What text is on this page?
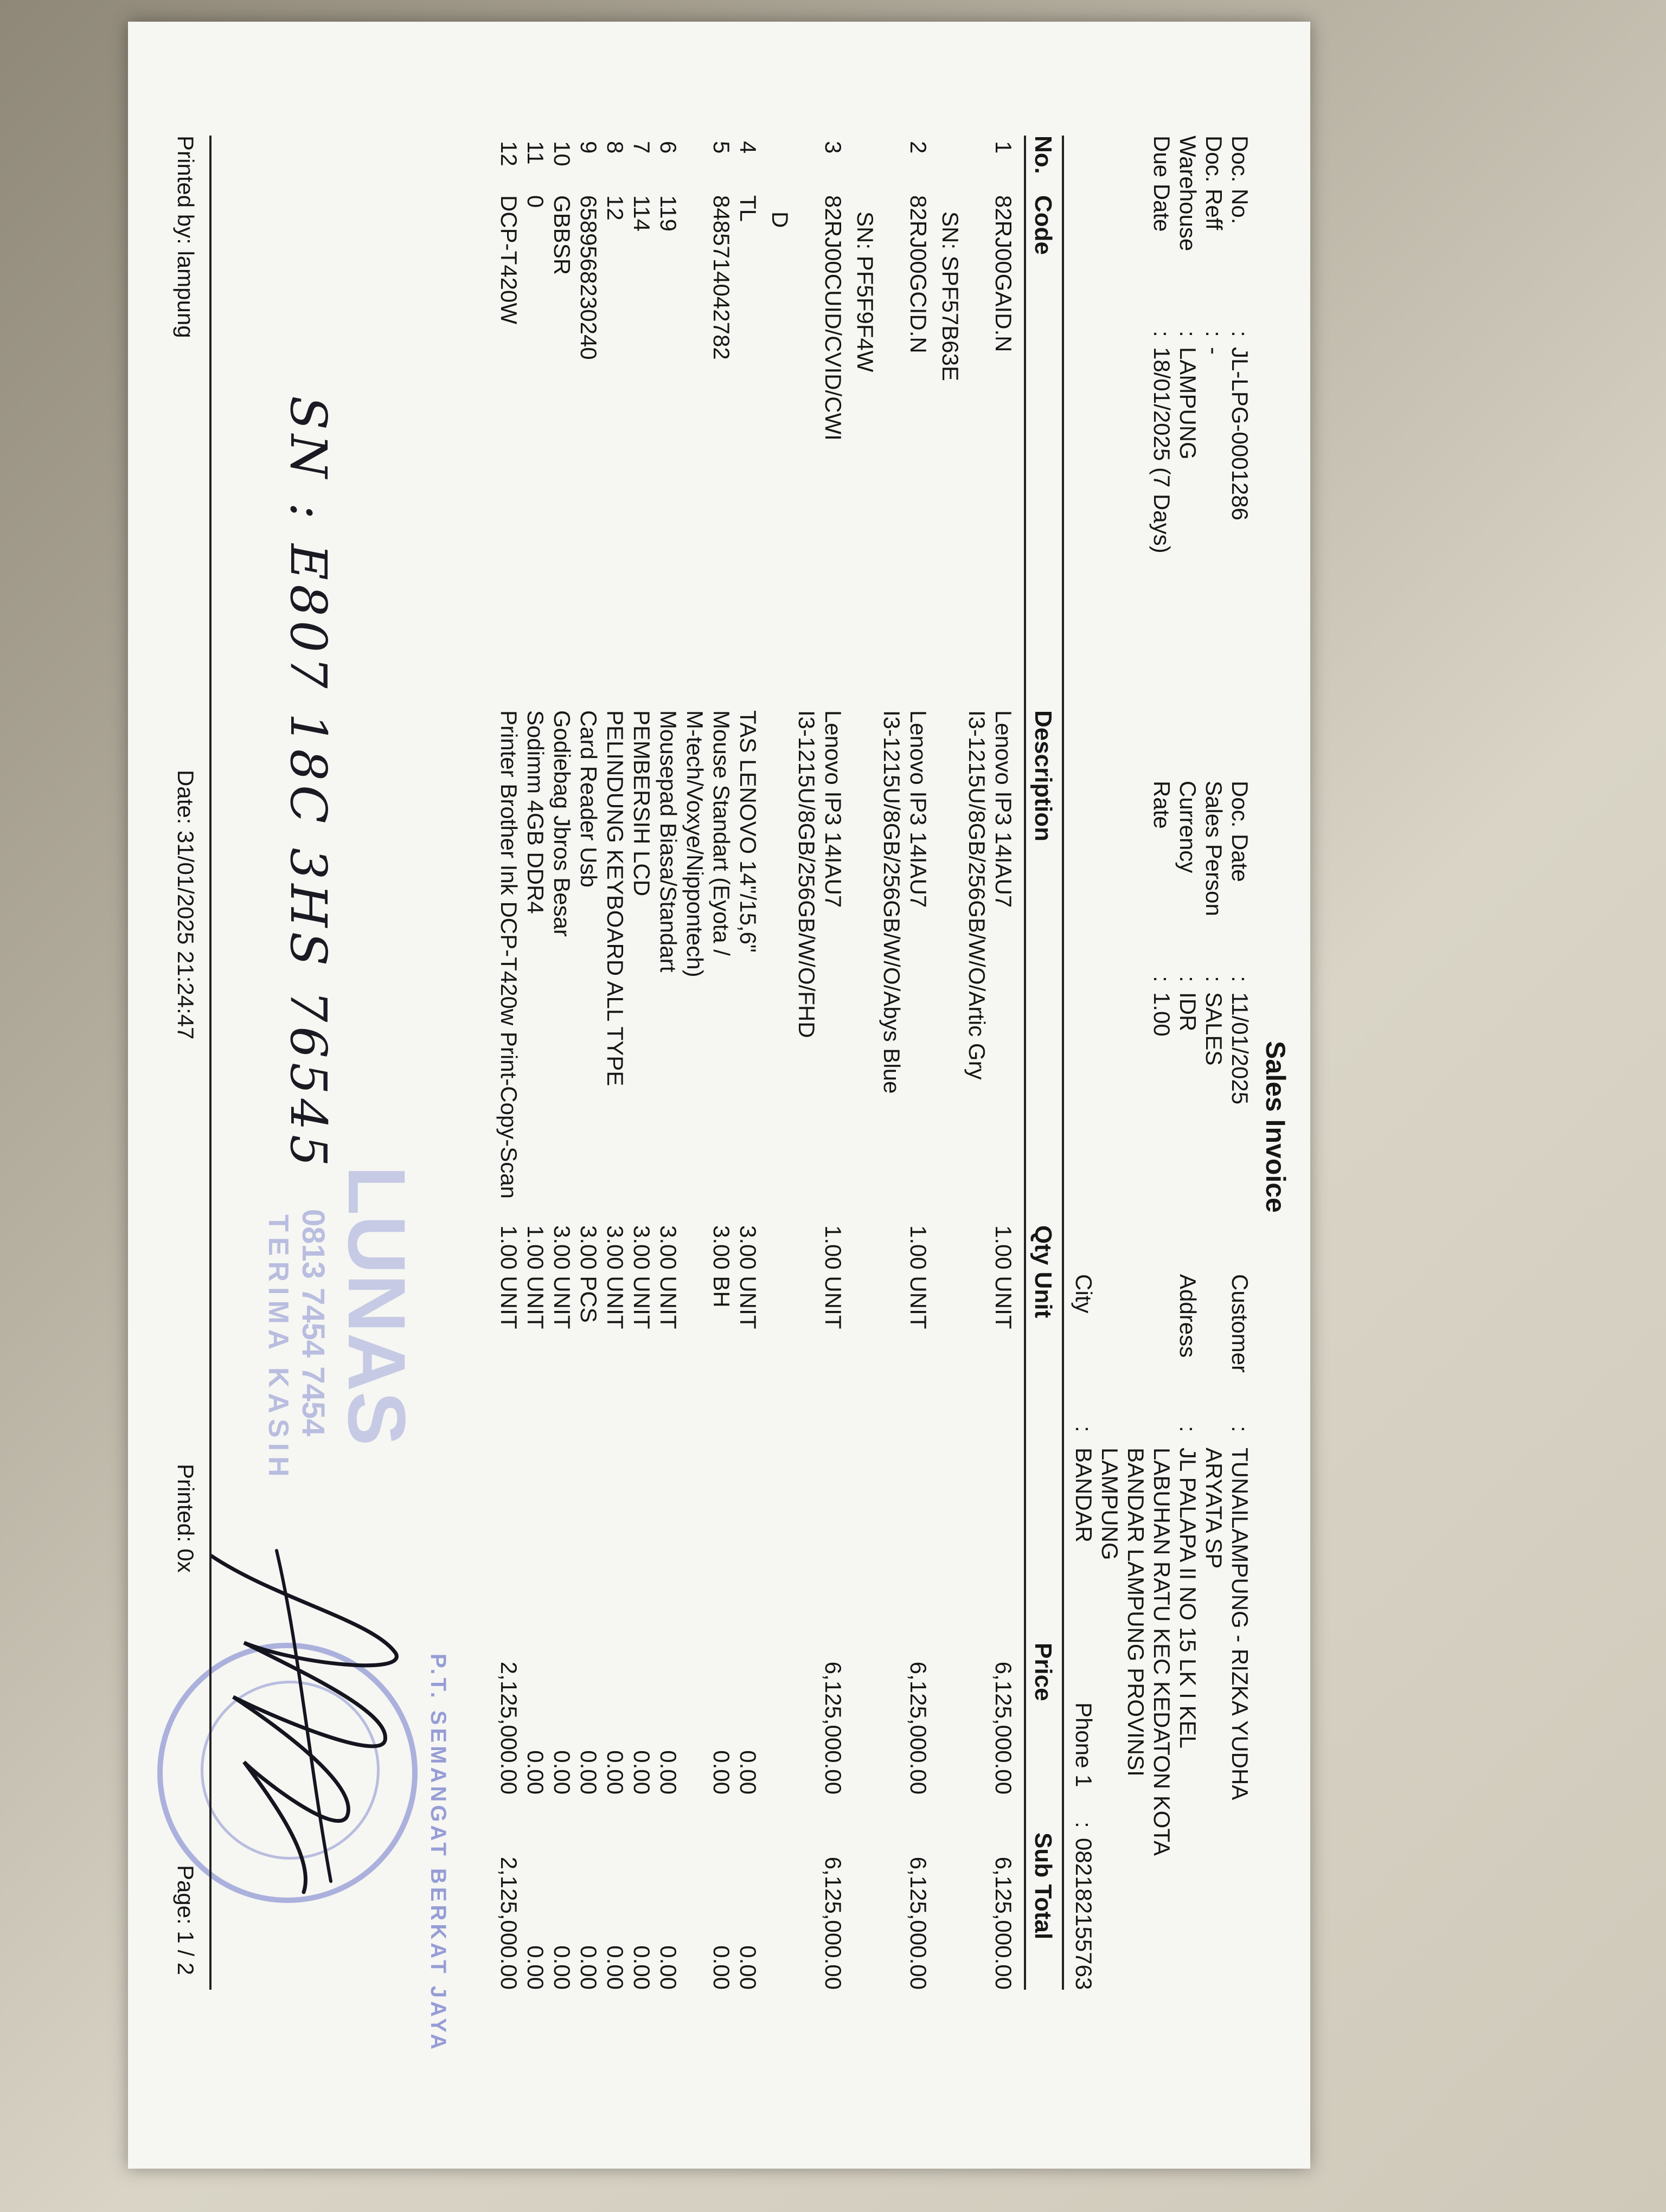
Sales Invoice
Doc. No.
:
JL-LPG-0001286
Doc. Reff
:
-
Warehouse
:
LAMPUNG
Due Date
:
18/01/2025 (7 Days)
Doc. Date
:
11/01/2025
Sales Person
:
SALES
Currency
:
IDR
Rate
:
1.00
Customer
:
TUNAILAMPUNG - RIZKA YUDHA
ARYATA SP
Address
:
JL PALAPA II NO 15 LK I KEL
LABUHAN RATU KEC KEDATON KOTA
BANDAR LAMPUNG PROVINSI
LAMPUNG
City
:
BANDAR
Phone 1
:
082182155763
No.
Code
Description
Qty Unit
Price
Sub Total
1
82RJ00GAID.N
Lenovo IP3 14IAU7
I3-1215U/8GB/256GB/W/O/Artic Gry
1.00 UNIT
6,125,000.00
6,125,000.00
SN: SPF57B63E
2
82RJ00GCID.N
Lenovo IP3 14IAU7
I3-1215U/8GB/256GB/W/O/Abys Blue
1.00 UNIT
6,125,000.00
6,125,000.00
SN: PF5F9F4W
3
82RJ00CUID/CVID/CWI
Lenovo IP3 14IAU7
I3-1215U/8GB/256GB/W/O/FHD
1.00 UNIT
6,125,000.00
6,125,000.00
D
4
TL
TAS LENOVO 14"/15,6"
3.00 UNIT
0.00
0.00
5
8485714042782
Mouse Standart (Eyota /
M-tech/Voxye/Nippontech)
3.00 BH
0.00
0.00
6
119
Mousepad Biasa/Standart
3.00 UNIT
0.00
0.00
7
114
PEMBERSIH LCD
3.00 UNIT
0.00
0.00
8
12
PELINDUNG KEYBOARD ALL TYPE
3.00 UNIT
0.00
0.00
9
6589568230240
Card Reader Usb
3.00 PCS
0.00
0.00
10
GBBSR
Godiebag Jbros Besar
3.00 UNIT
0.00
0.00
11
0
Sodimm 4GB DDR4
1.00 UNIT
0.00
0.00
12
DCP-T420W
Printer Brother Ink DCP-T420w Print-Copy-Scan
1.00 UNIT
2,125,000.00
2,125,000.00
LUNAS
0813 7454 7454
TERIMA KASIH
P.T. SEMANGAT BERKAT JAYA
SN : E807 18C 3HS 76545
Printed by: lampung
Date: 31/01/2025 21:24:47
Printed: 0x
Page: 1 / 2
